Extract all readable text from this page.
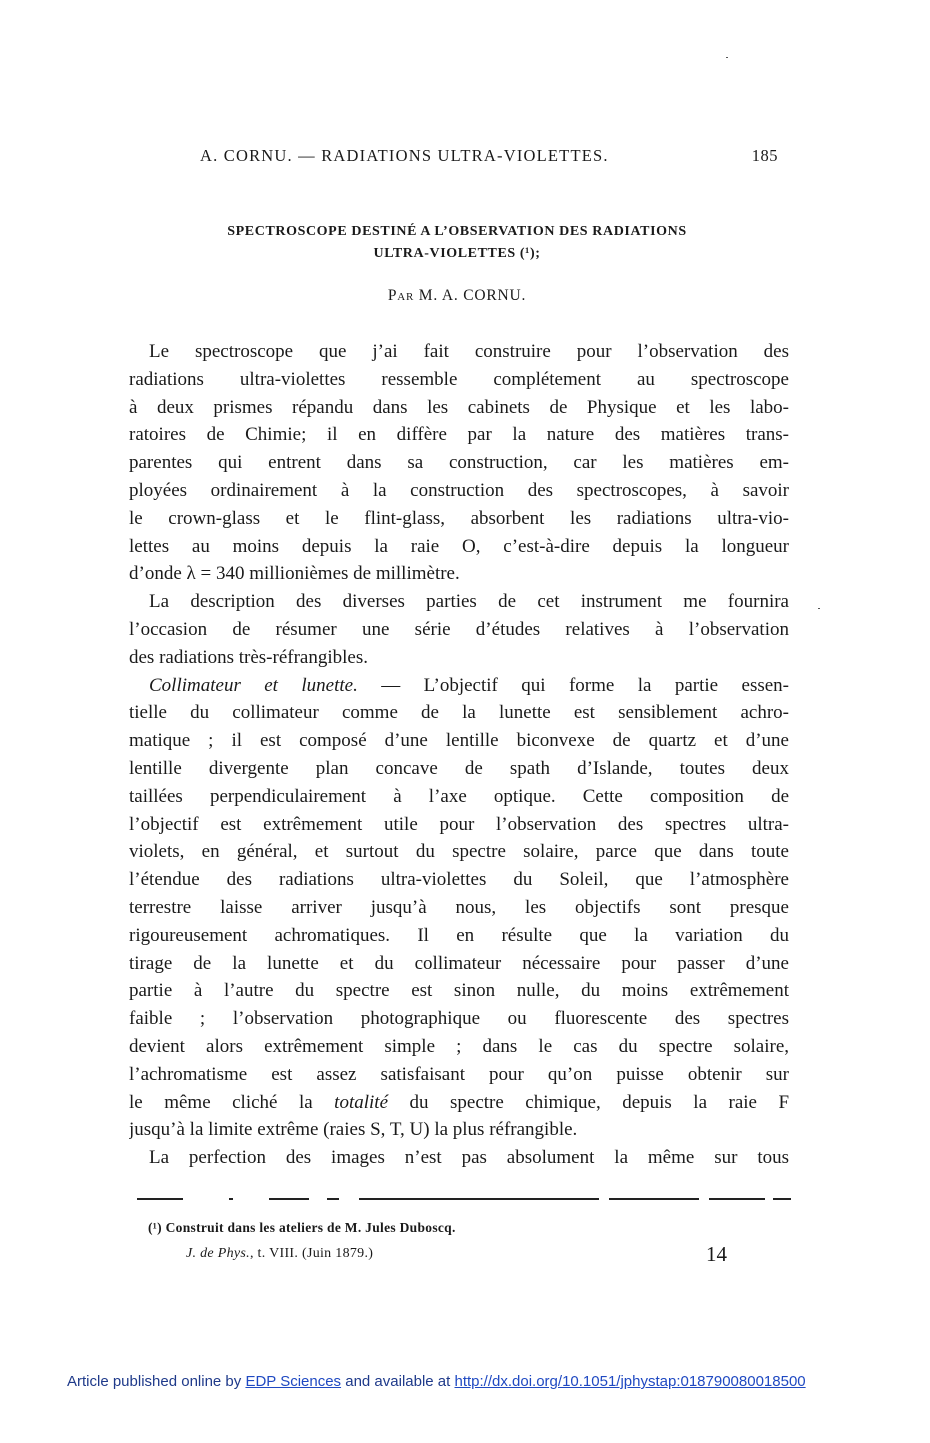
A. CORNU. — RADIATIONS ULTRA-VIOLETTES.	185
SPECTROSCOPE DESTINÉ A L’OBSERVATION DES RADIATIONS
ULTRA-VIOLETTES (¹);
Par M. A. CORNU.
Le spectroscope que j’ai fait construire pour l’observation des
radiations ultra-violettes ressemble complétement au spectroscope
à deux prismes répandu dans les cabinets de Physique et les labo-
ratoires de Chimie; il en diffère par la nature des matières trans-
parentes qui entrent dans sa construction, car les matières em-
ployées ordinairement à la construction des spectroscopes, à savoir
le crown-glass et le flint-glass, absorbent les radiations ultra-vio-
lettes au moins depuis la raie O, c’est-à-dire depuis la longueur
d’onde λ = 340 millionièmes de millimètre.
La description des diverses parties de cet instrument me fournira
l’occasion de résumer une série d’études relatives à l’observation
des radiations très-réfrangibles.
Collimateur et lunette. — L’objectif qui forme la partie essen-
tielle du collimateur comme de la lunette est sensiblement achro-
matique ; il est composé d’une lentille biconvexe de quartz et d’une
lentille divergente plan concave de spath d’Islande, toutes deux
taillées perpendiculairement à l’axe optique. Cette composition de
l’objectif est extrêmement utile pour l’observation des spectres ultra-
violets, en général, et surtout du spectre solaire, parce que dans toute
l’étendue des radiations ultra-violettes du Soleil, que l’atmosphère
terrestre laisse arriver jusqu’à nous, les objectifs sont presque
rigoureusement achromatiques. Il en résulte que la variation du
tirage de la lunette et du collimateur nécessaire pour passer d’une
partie à l’autre du spectre est sinon nulle, du moins extrêmement
faible ; l’observation photographique ou fluorescente des spectres
devient alors extrêmement simple ; dans le cas du spectre solaire,
l’achromatisme est assez satisfaisant pour qu’on puisse obtenir sur
le même cliché la totalité du spectre chimique, depuis la raie F
jusqu’à la limite extrême (raies S, T, U) la plus réfrangible.
La perfection des images n’est pas absolument la même sur tous
(¹) Construit dans les ateliers de M. Jules Duboscq.
J. de Phys., t. VIII. (Juin 1879.)	14
Article published online by EDP Sciences and available at http://dx.doi.org/10.1051/jphystap:018790080018500
